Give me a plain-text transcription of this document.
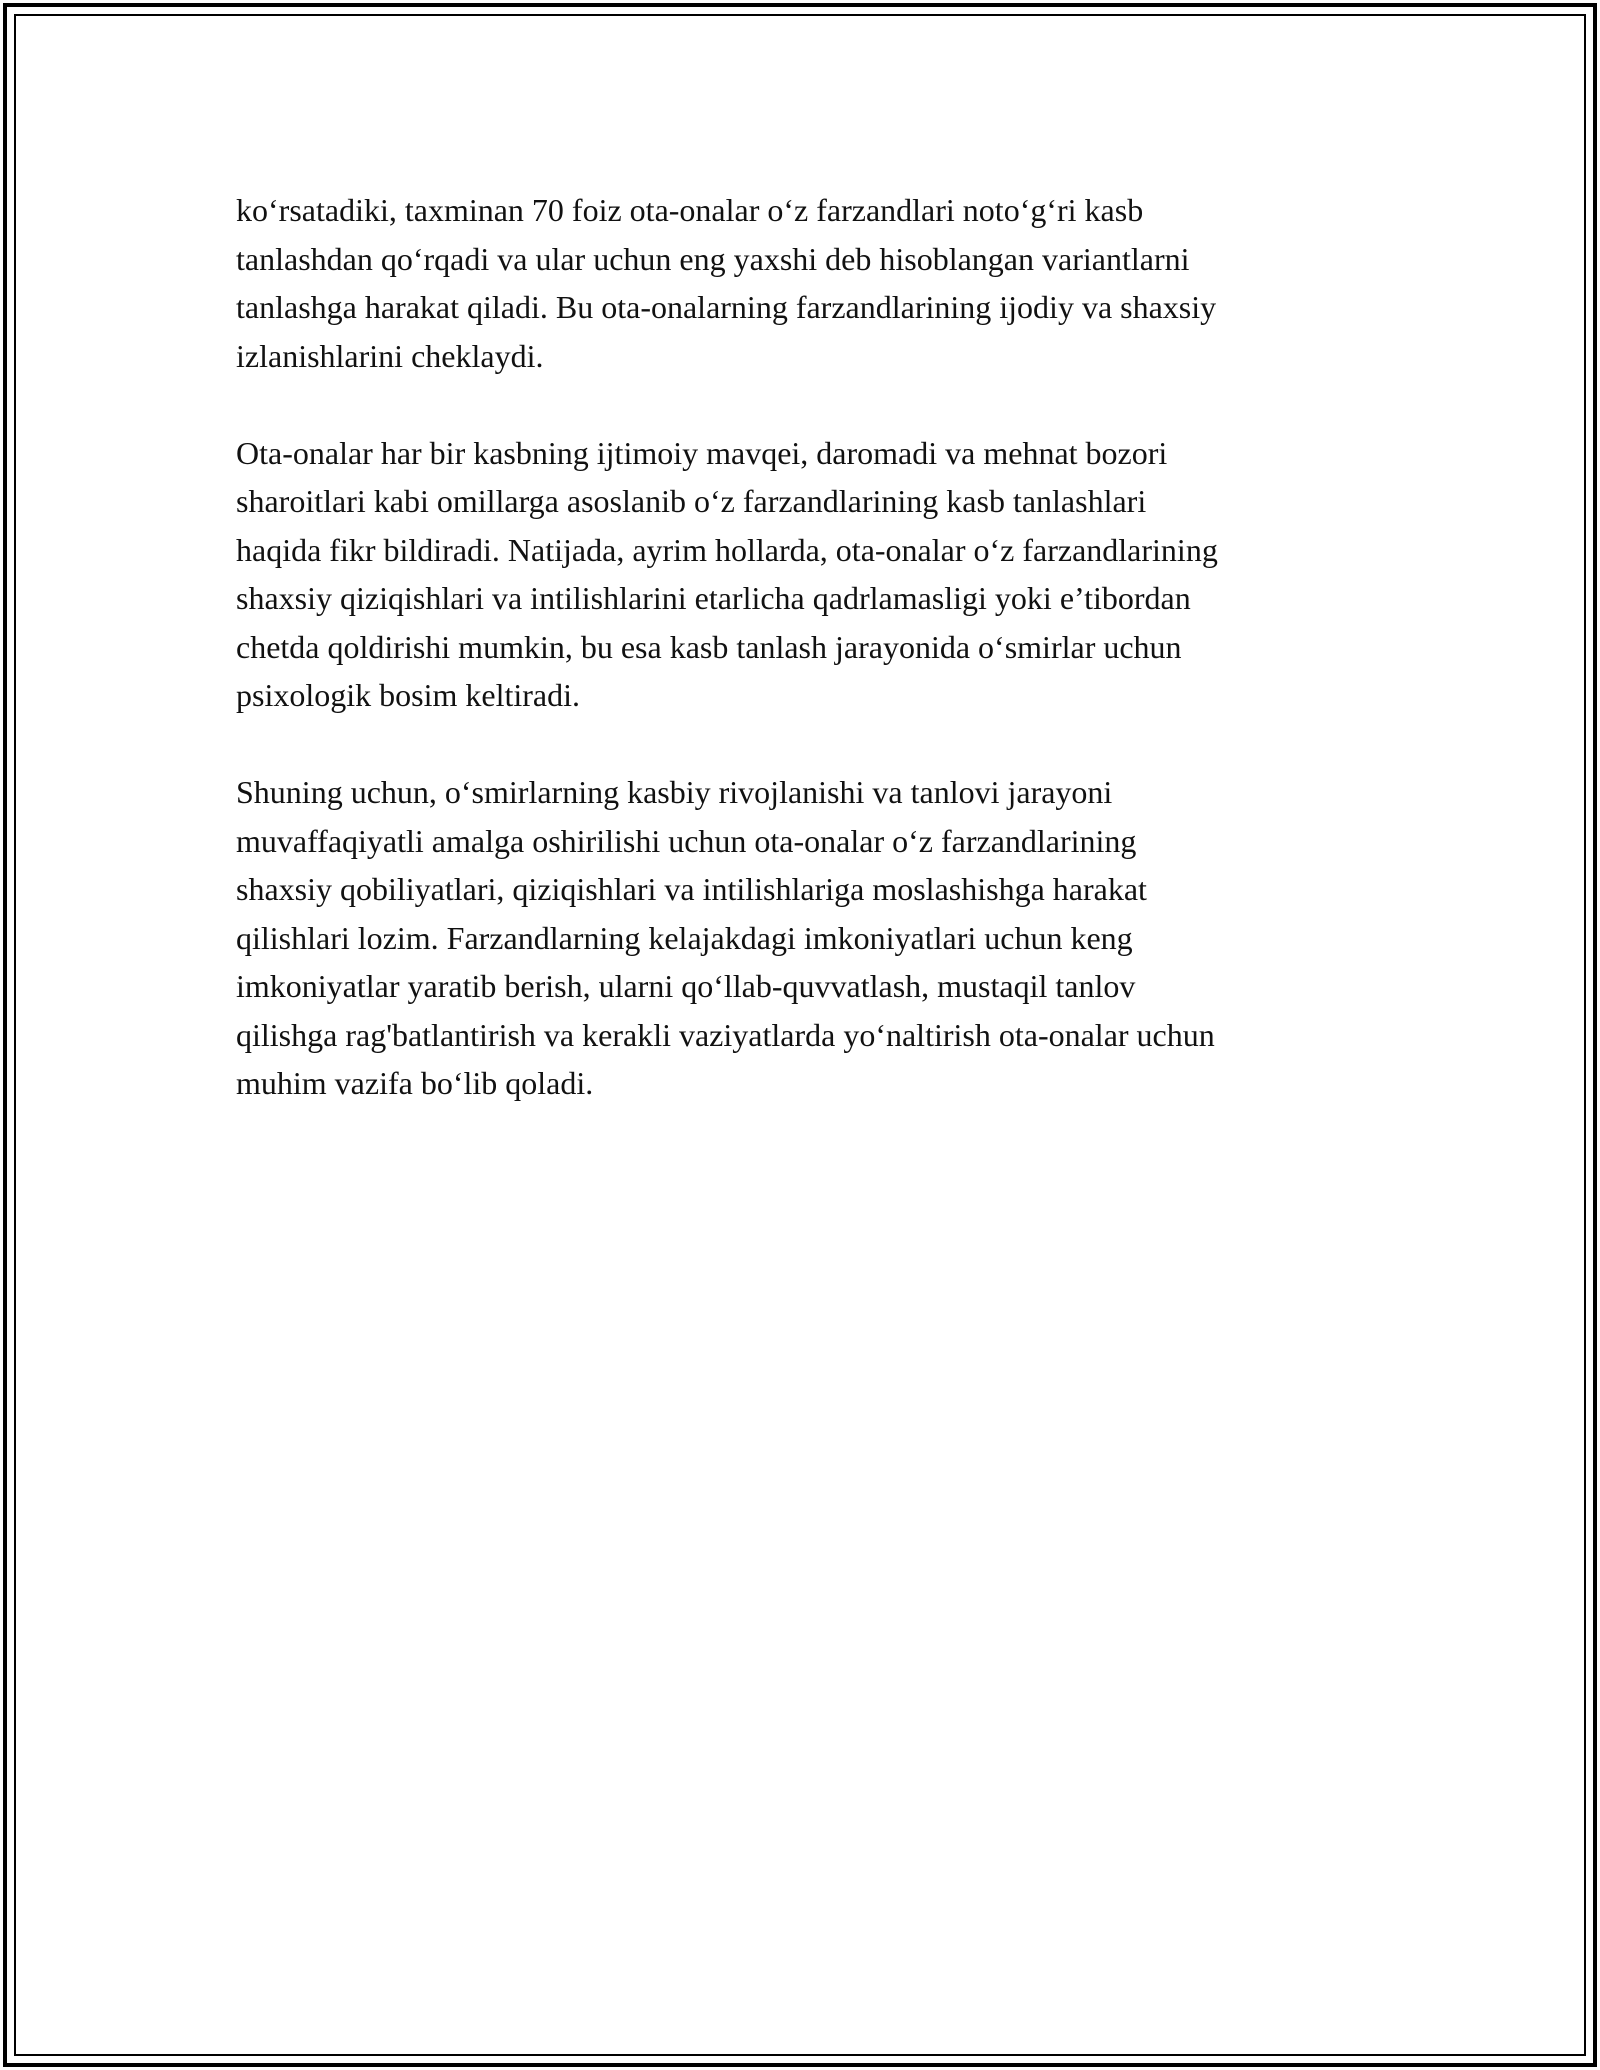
ko‘rsatadiki, taxminan 70 foiz ota-onalar o‘z farzandlari noto‘g‘ri kasb
tanlashdan qo‘rqadi va ular uchun eng yaxshi deb hisoblangan variantlarni
tanlashga harakat qiladi. Bu ota-onalarning farzandlarining ijodiy va shaxsiy
izlanishlarini cheklaydi.

Ota-onalar har bir kasbning ijtimoiy mavqei, daromadi va mehnat bozori
sharoitlari kabi omillarga asoslanib o‘z farzandlarining kasb tanlashlari
haqida fikr bildiradi. Natijada, ayrim hollarda, ota-onalar o‘z farzandlarining
shaxsiy qiziqishlari va intilishlarini etarlicha qadrlamasligi yoki e’tibordan
chetda qoldirishi mumkin, bu esa kasb tanlash jarayonida o‘smirlar uchun
psixologik bosim keltiradi.

Shuning uchun, o‘smirlarning kasbiy rivojlanishi va tanlovi jarayoni
muvaffaqiyatli amalga oshirilishi uchun ota-onalar o‘z farzandlarining
shaxsiy qobiliyatlari, qiziqishlari va intilishlariga moslashishga harakat
qilishlari lozim. Farzandlarning kelajakdagi imkoniyatlari uchun keng
imkoniyatlar yaratib berish, ularni qo‘llab-quvvatlash, mustaqil tanlov
qilishga rag'batlantirish va kerakli vaziyatlarda yo‘naltirish ota-onalar uchun
muhim vazifa bo‘lib qoladi.
